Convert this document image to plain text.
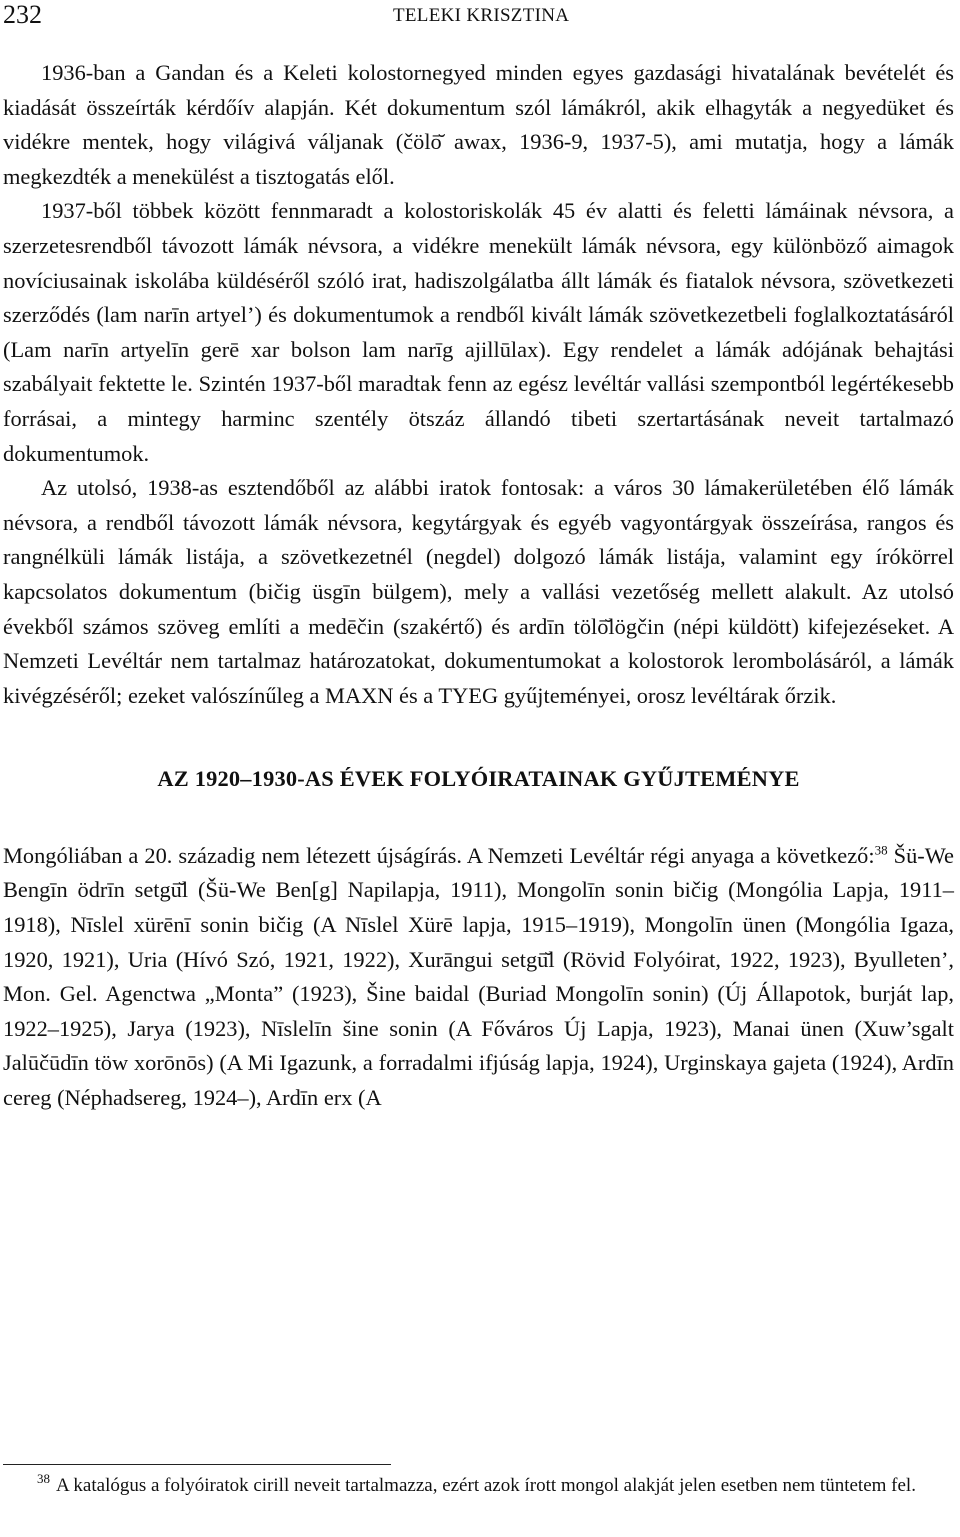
232	TELEKI KRISZTINA

1936-ban a Gandan és a Keleti kolostornegyed minden egyes gazdasági hivatalának bevételét és kiadását összeírták kérdőív alapján. Két dokumentum szól lámákról, akik elhagyták a negyedüket és vidékre mentek, hogy világivá váljanak (čölō̆ awax, 1936-9, 1937-5), ami mutatja, hogy a lámák megkezdték a menekülést a tisztogatás elől.

1937-ből többek között fennmaradt a kolostoriskolák 45 év alatti és feletti lámáinak névsora, a szerzetesrendből távozott lámák névsora, a vidékre menekült lámák névsora, egy különböző aimagok novíciusainak iskolába küldéséről szóló irat, hadiszolgálatba állt lámák és fiatalok névsora, szövetkezeti szerződés (lam narīn artyel’) és dokumentumok a rendből kivált lámák szövetkezetbeli foglalkoztatásáról (Lam narīn artyelīn gerē xar bolson lam narīg ajillūlax). Egy rendelet a lámák adójának behajtási szabályait fektette le. Szintén 1937-ből maradtak fenn az egész levéltár vallási szempontból legértékesebb forrásai, a mintegy harminc szentély ötszáz állandó tibeti szertartásának neveit tartalmazó dokumentumok.

Az utolsó, 1938-as esztendőből az alábbi iratok fontosak: a város 30 lámakerületében élő lámák névsora, a rendből távozott lámák névsora, kegytárgyak és egyéb vagyontárgyak összeírása, rangos és rangnélküli lámák listája, a szövetkezetnél (negdel) dolgozó lámák listája, valamint egy írókörrel kapcsolatos dokumentum (bičig üsgīn bülgem), mely a vallási vezetőség mellett alakult. Az utolsó évekből számos szöveg említi a medēčin (szakértő) és ardīn tölō̆lögčin (népi küldött) kifejezéseket. A Nemzeti Levéltár nem tartalmaz határozatokat, dokumentumokat a kolostorok lerombolásáról, a lámák kivégzéséről; ezeket valószínűleg a MAXN és a TYEG gyűjteményei, orosz levéltárak őrzik.

AZ 1920–1930-AS ÉVEK FOLYÓIRATAINAK GYŰJTEMÉNYE

Mongóliában a 20. századig nem létezett újságírás. A Nemzeti Levéltár régi anyaga a következő:$^{38}$ Šü-We Bengīn ödrīn setgū̆l (Šü-We Ben[g] Napilapja, 1911), Mongolīn sonin bičig (Mongólia Lapja, 1911–1918), Nīslel xürēnī sonin bičig (A Nīslel Xürē lapja, 1915–1919), Mongolīn ünen (Mongólia Igaza, 1920, 1921), Uria (Hívó Szó, 1921, 1922), Xurāngui setgū̆l (Rövid Folyóirat, 1922, 1923), Byulleten’, Mon. Gel. Agenctwa „Monta” (1923), Šine baidal (Buriad Mongolīn sonin) (Új Állapotok, burját lap, 1922–1925), Jarya (1923), Nīslelīn šine sonin (A Főváros Új Lapja, 1923), Manai ünen (Xuw’sgalt Jalūčūdīn töw xorōnōs) (A Mi Igazunk, a forradalmi ifjúság lapja, 1924), Urginskaya gajeta (1924), Ardīn cereg (Néphadsereg, 1924–), Ardīn erx (A

$^{38}$ A katalógus a folyóiratok cirill neveit tartalmazza, ezért azok írott mongol alakját jelen esetben nem tüntetem fel.
